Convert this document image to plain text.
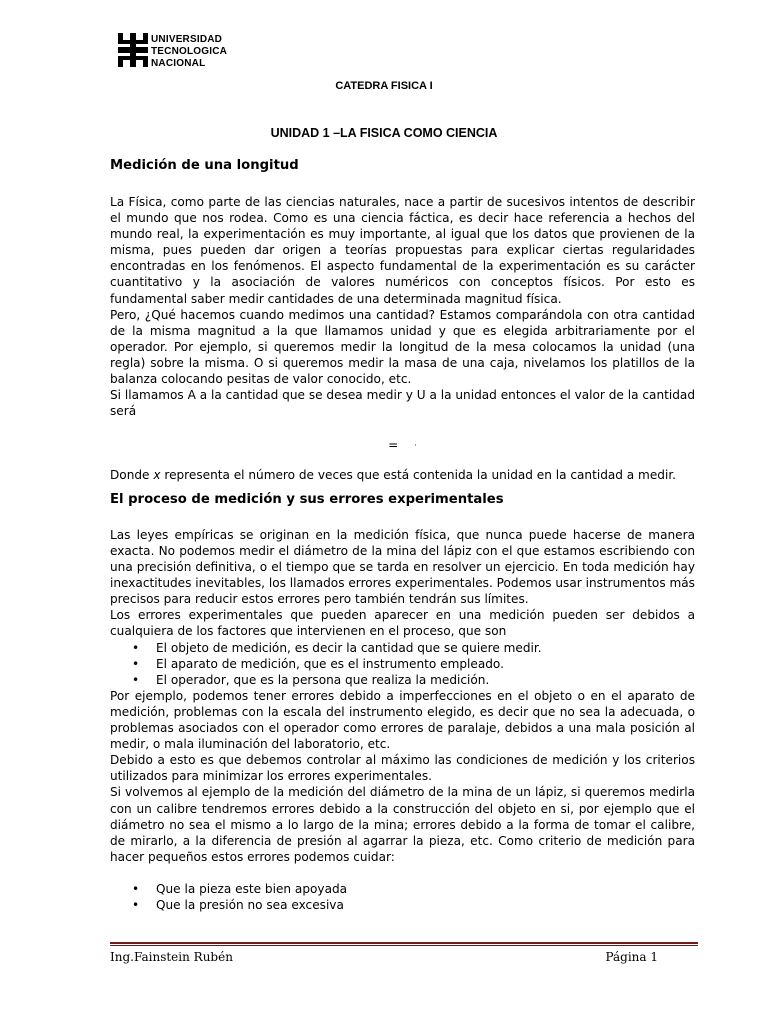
UNIVERSIDAD
TECNOLOGICA
NACIONAL
CATEDRA FISICA I
UNIDAD 1 –LA FISICA COMO CIENCIA

Medición de una longitud

La Física, como parte de las ciencias naturales, nace a partir de sucesivos intentos de describir el mundo que nos rodea. Como es una ciencia fáctica, es decir hace referencia a hechos del mundo real, la experimentación es muy importante, al igual que los datos que provienen de la misma, pues pueden dar origen a teorías propuestas para explicar ciertas regularidades encontradas en los fenómenos. El aspecto fundamental de la experimentación es su carácter cuantitativo y la asociación de valores numéricos con conceptos físicos. Por esto es fundamental saber medir cantidades de una determinada magnitud física.

Pero, ¿Qué hacemos cuando medimos una cantidad? Estamos comparándola con otra cantidad de la misma magnitud a la que llamamos unidad y que es elegida arbitrariamente por el operador. Por ejemplo, si queremos medir la longitud de la mesa colocamos la unidad (una regla) sobre la misma. O si queremos medir la masa de una caja, nivelamos los platillos de la balanza colocando pesitas de valor conocido, etc.

Si llamamos A a la cantidad que se desea medir y U a la unidad entonces el valor de la cantidad será

= ·

Donde x representa el número de veces que está contenida la unidad en la cantidad a medir.

El proceso de medición y sus errores experimentales

Las leyes empíricas se originan en la medición física, que nunca puede hacerse de manera exacta. No podemos medir el diámetro de la mina del lápiz con el que estamos escribiendo con una precisión definitiva, o el tiempo que se tarda en resolver un ejercicio. En toda medición hay inexactitudes inevitables, los llamados errores experimentales. Podemos usar instrumentos más precisos para reducir estos errores pero también tendrán sus límites.

Los errores experimentales que pueden aparecer en una medición pueden ser debidos a cualquiera de los factores que intervienen en el proceso, que son

• El objeto de medición, es decir la cantidad que se quiere medir.
• El aparato de medición, que es el instrumento empleado.
• El operador, que es la persona que realiza la medición.

Por ejemplo, podemos tener errores debido a imperfecciones en el objeto o en el aparato de medición, problemas con la escala del instrumento elegido, es decir que no sea la adecuada, o problemas asociados con el operador como errores de paralaje, debidos a una mala posición al medir, o mala iluminación del laboratorio, etc.

Debido a esto es que debemos controlar al máximo las condiciones de medición y los criterios utilizados para minimizar los errores experimentales.

Si volvemos al ejemplo de la medición del diámetro de la mina de un lápiz, si queremos medirla con un calibre tendremos errores debido a la construcción del objeto en si, por ejemplo que el diámetro no sea el mismo a lo largo de la mina; errores debido a la forma de tomar el calibre, de mirarlo, a la diferencia de presión al agarrar la pieza, etc. Como criterio de medición para hacer pequeños estos errores podemos cuidar:

• Que la pieza este bien apoyada
• Que la presión no sea excesiva
Ing.Fainstein Rubén	Página 1
